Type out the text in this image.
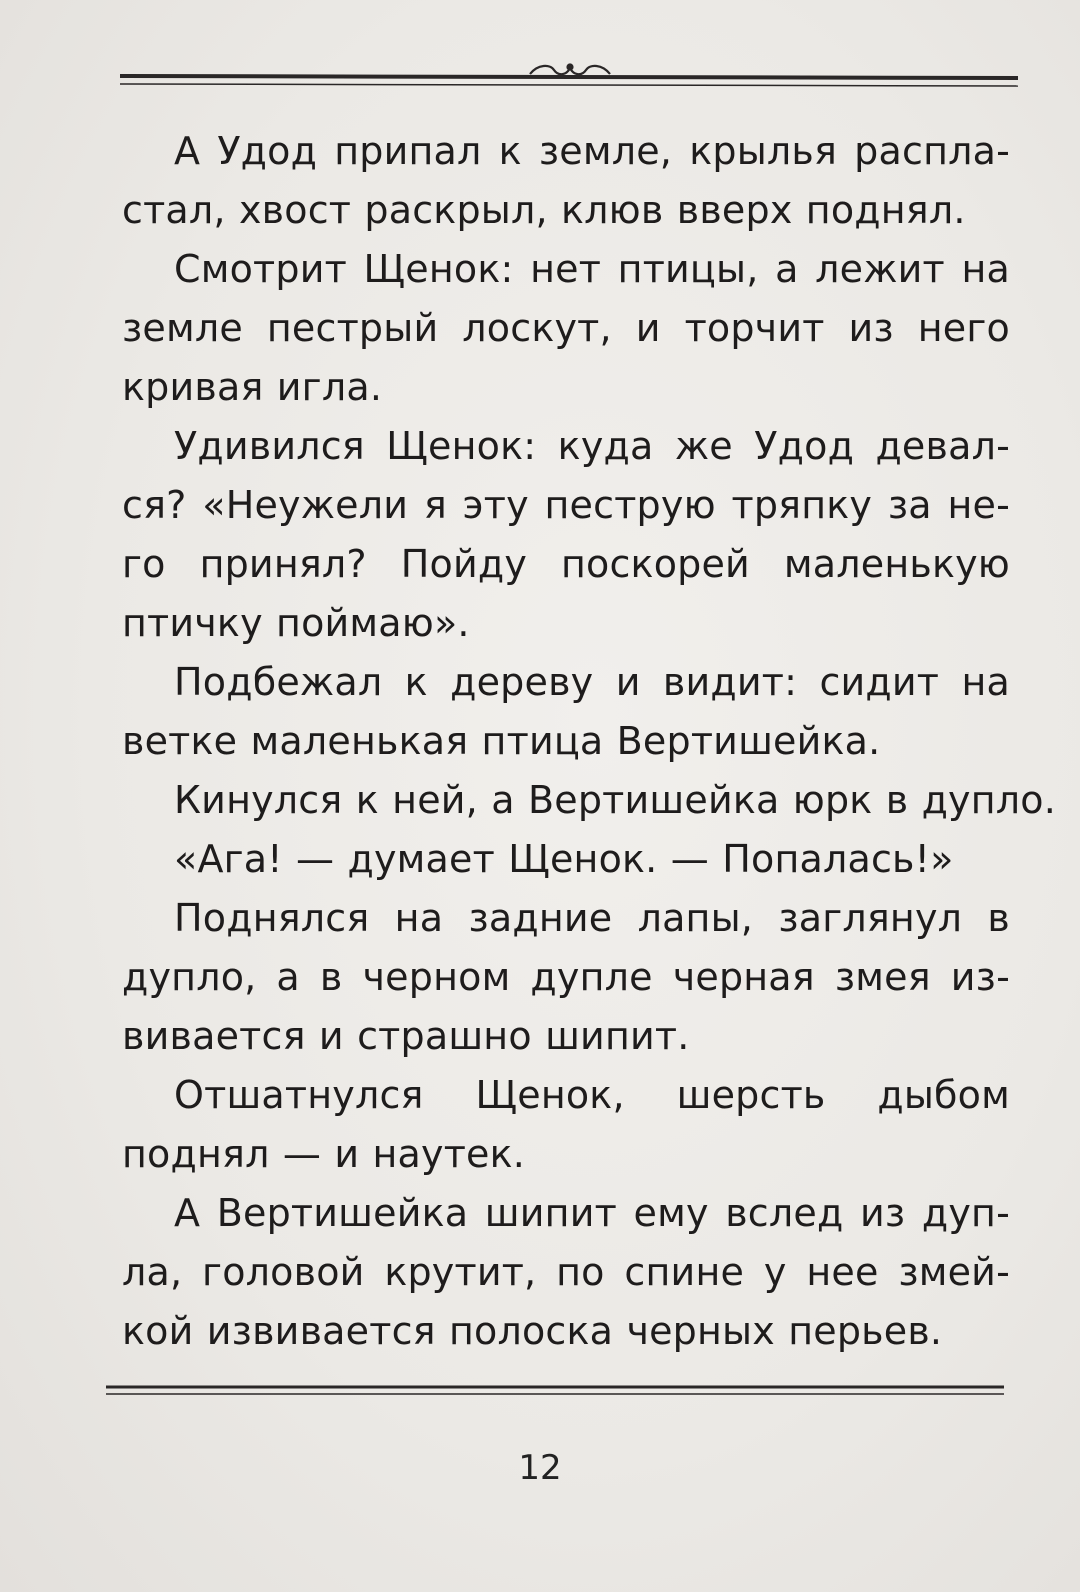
А Удод припал к земле, крылья распла-
стал, хвост раскрыл, клюв вверх поднял.

Смотрит Щенок: нет птицы, а лежит на
земле пестрый лоскут, и торчит из него
кривая игла.

Удивился Щенок: куда же Удод девал-
ся? «Неужели я эту пеструю тряпку за не-
го принял? Пойду поскорей маленькую
птичку поймаю».

Подбежал к дереву и видит: сидит на
ветке маленькая птица Вертишейка.

Кинулся к ней, а Вертишейка юрк в дупло.

«Ага! — думает Щенок. — Попалась!»

Поднялся на задние лапы, заглянул в
дупло, а в черном дупле черная змея из-
вивается и страшно шипит.

Отшатнулся Щенок, шерсть дыбом
поднял — и наутек.

А Вертишейка шипит ему вслед из дуп-
ла, головой крутит, по спине у нее змей-
кой извивается полоска черных перьев.

12
